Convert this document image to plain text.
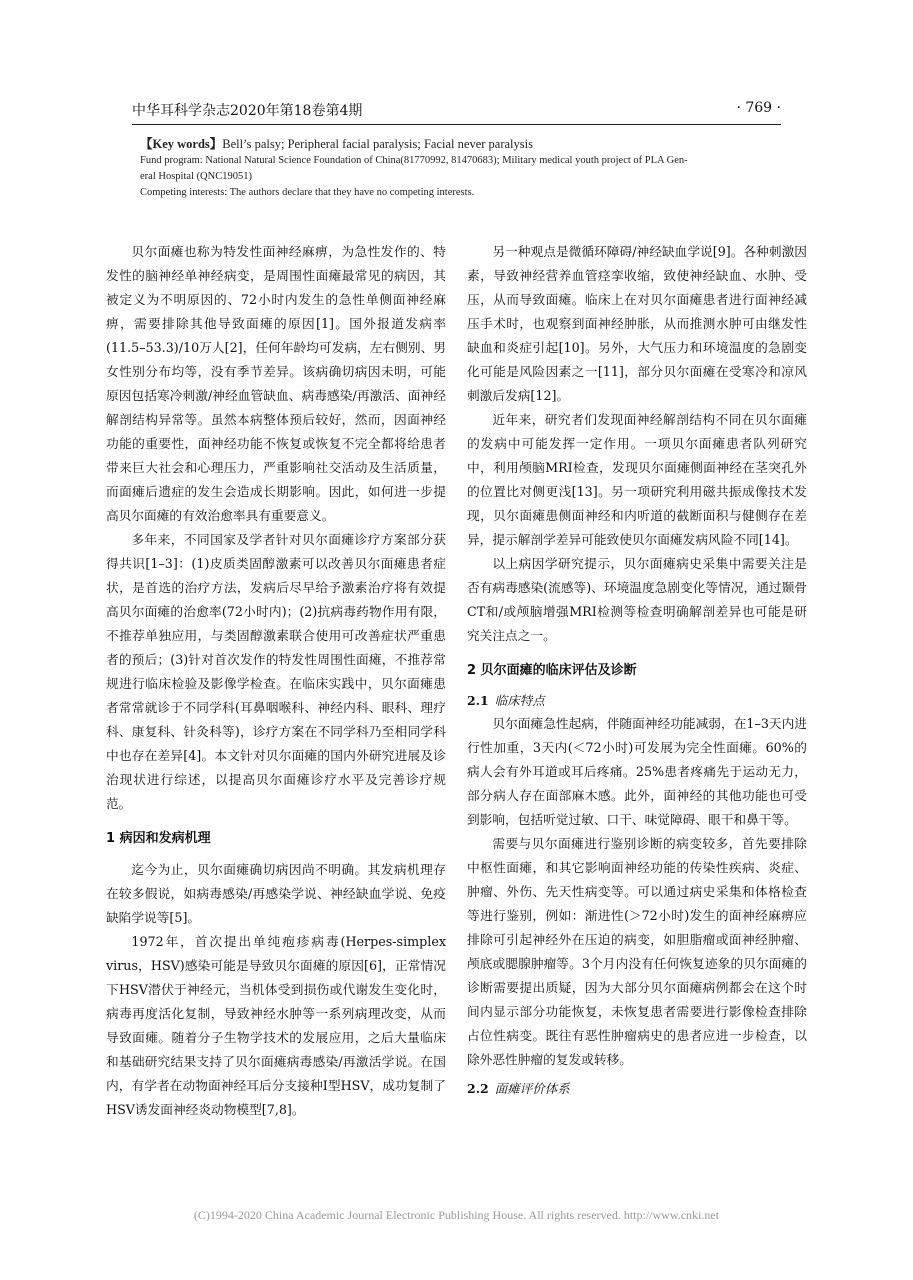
中华耳科学杂志2020年第18卷第4期	· 769 ·
【Key words】Bell’s palsy; Peripheral facial paralysis; Facial never paralysis
Fund program: National Natural Science Foundation of China(81770992, 81470683); Military medical youth project of PLA Gen-
eral Hospital (QNC19051)
Competing interests: The authors declare that they have no competing interests.

贝尔面瘫也称为特发性面神经麻痹，为急性发作的、特发性的脑神经单神经病变，是周围性面瘫最常见的病因，其被定义为不明原因的、72小时内发生的急性单侧面神经麻痹，需要排除其他导致面瘫的原因[1]。国外报道发病率(11.5–53.3)/10万人[2]，任何年龄均可发病，左右侧别、男女性别分布均等，没有季节差异。该病确切病因未明，可能原因包括寒冷刺激/神经血管缺血、病毒感染/再激活、面神经解剖结构异常等。虽然本病整体预后较好，然而，因面神经功能的重要性，面神经功能不恢复或恢复不完全都将给患者带来巨大社会和心理压力，严重影响社交活动及生活质量，而面瘫后遗症的发生会造成长期影响。因此，如何进一步提高贝尔面瘫的有效治愈率具有重要意义。

多年来，不同国家及学者针对贝尔面瘫诊疗方案部分获得共识[1–3]：(1)皮质类固醇激素可以改善贝尔面瘫患者症状，是首选的治疗方法，发病后尽早给予激素治疗将有效提高贝尔面瘫的治愈率(72小时内)；(2)抗病毒药物作用有限，不推荐单独应用，与类固醇激素联合使用可改善症状严重患者的预后；(3)针对首次发作的特发性周围性面瘫，不推荐常规进行临床检验及影像学检查。在临床实践中，贝尔面瘫患者常常就诊于不同学科(耳鼻咽喉科、神经内科、眼科、理疗科、康复科、针灸科等)，诊疗方案在不同学科乃至相同学科中也存在差异[4]。本文针对贝尔面瘫的国内外研究进展及诊治现状进行综述，以提高贝尔面瘫诊疗水平及完善诊疗规范。

1 病因和发病机理

迄今为止，贝尔面瘫确切病因尚不明确。其发病机理存在较多假说，如病毒感染/再感染学说、神经缺血学说、免疫缺陷学说等[5]。

1972年，首次提出单纯疱疹病毒(Herpes-simplex virus，HSV)感染可能是导致贝尔面瘫的原因[6]，正常情况下HSV潜伏于神经元，当机体受到损伤或代谢发生变化时，病毒再度活化复制，导致神经水肿等一系列病理改变，从而导致面瘫。随着分子生物学技术的发展应用，之后大量临床和基础研究结果支持了贝尔面瘫病毒感染/再激活学说。在国内，有学者在动物面神经耳后分支接种Ⅰ型HSV，成功复制了HSV诱发面神经炎动物模型[7,8]。

另一种观点是微循环障碍/神经缺血学说[9]。各种刺激因素，导致神经营养血管痉挛收缩，致使神经缺血、水肿、受压，从而导致面瘫。临床上在对贝尔面瘫患者进行面神经减压手术时，也观察到面神经肿胀，从而推测水肿可由继发性缺血和炎症引起[10]。另外，大气压力和环境温度的急剧变化可能是风险因素之一[11]，部分贝尔面瘫在受寒冷和凉风刺激后发病[12]。

近年来，研究者们发现面神经解剖结构不同在贝尔面瘫的发病中可能发挥一定作用。一项贝尔面瘫患者队列研究中，利用颅脑MRI检查，发现贝尔面瘫侧面神经在茎突孔外的位置比对侧更浅[13]。另一项研究利用磁共振成像技术发现，贝尔面瘫患侧面神经和内听道的截断面积与健侧存在差异，提示解剖学差异可能致使贝尔面瘫发病风险不同[14]。

以上病因学研究提示，贝尔面瘫病史采集中需要关注是否有病毒感染(流感等)、环境温度急剧变化等情况，通过颞骨CT和/或颅脑增强MRI检测等检查明确解剖差异也可能是研究关注点之一。

2 贝尔面瘫的临床评估及诊断
2.1 临床特点

贝尔面瘫急性起病，伴随面神经功能减弱，在1–3天内进行性加重，3天内(＜72小时)可发展为完全性面瘫。60%的病人会有外耳道或耳后疼痛。25%患者疼痛先于运动无力，部分病人存在面部麻木感。此外，面神经的其他功能也可受到影响，包括听觉过敏、口干、味觉障碍、眼干和鼻干等。

需要与贝尔面瘫进行鉴别诊断的病变较多，首先要排除中枢性面瘫，和其它影响面神经功能的传染性疾病、炎症、肿瘤、外伤、先天性病变等。可以通过病史采集和体格检查等进行鉴别，例如：渐进性(＞72小时)发生的面神经麻痹应排除可引起神经外在压迫的病变，如胆脂瘤或面神经肿瘤、颅底或腮腺肿瘤等。3个月内没有任何恢复迹象的贝尔面瘫的诊断需要提出质疑，因为大部分贝尔面瘫病例都会在这个时间内显示部分功能恢复，未恢复患者需要进行影像检查排除占位性病变。既往有恶性肿瘤病史的患者应进一步检查，以除外恶性肿瘤的复发或转移。

2.2 面瘫评价体系
(C)1994-2020 China Academic Journal Electronic Publishing House. All rights reserved. http://www.cnki.net
